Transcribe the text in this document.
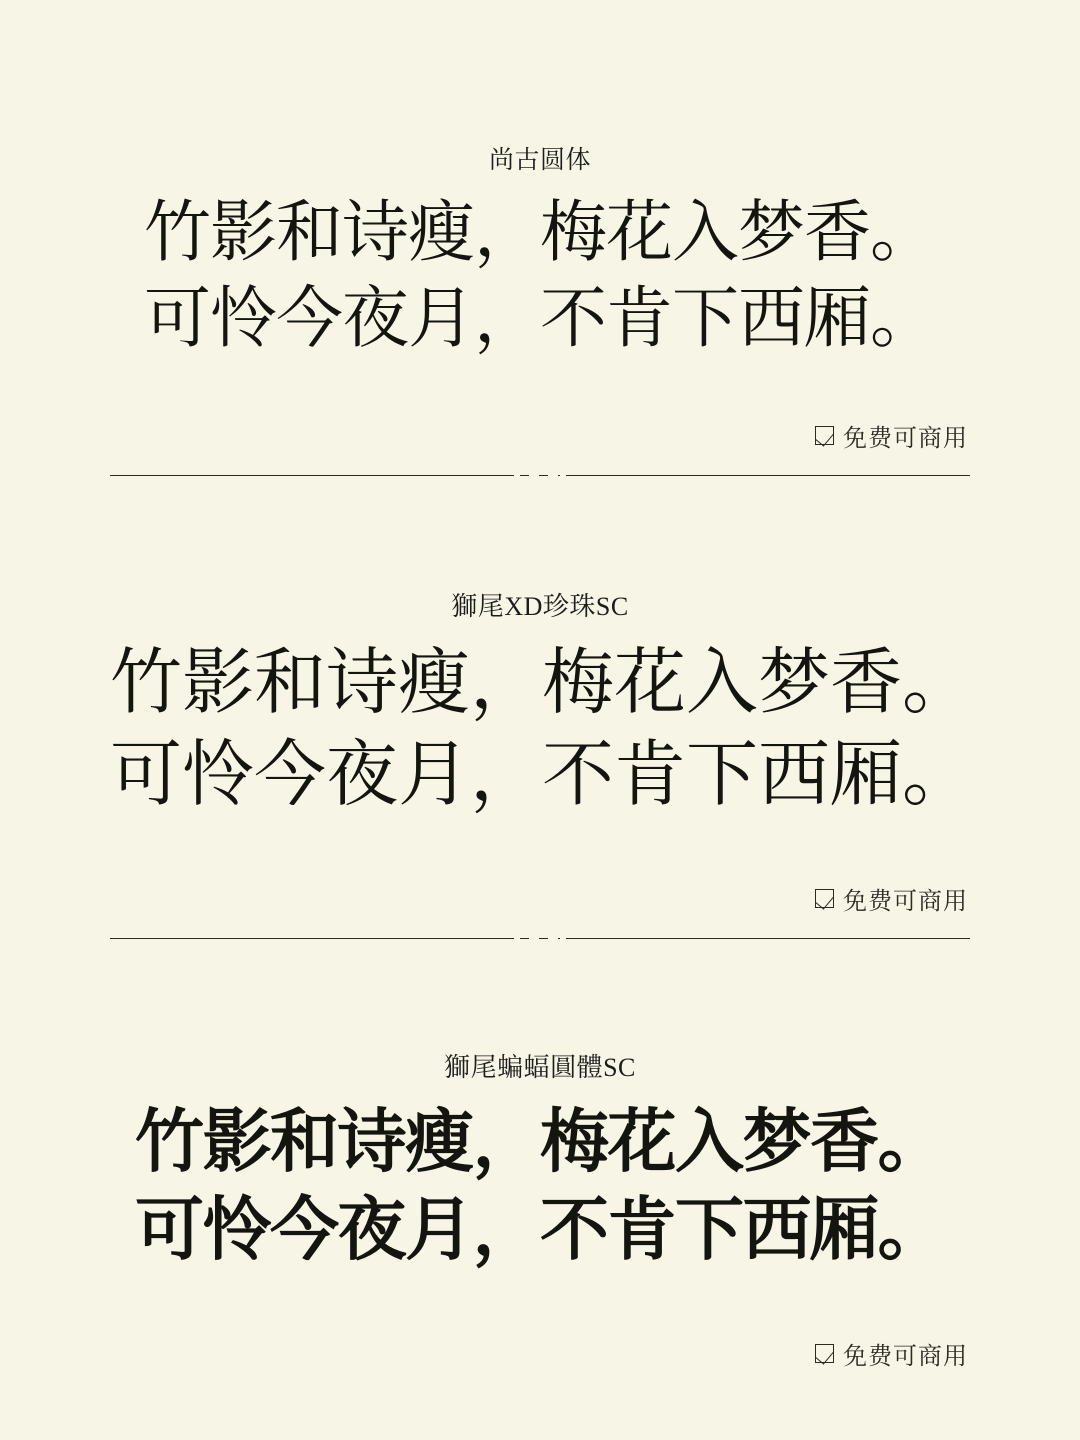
尚古圆体
竹影和诗瘦，梅花入梦香。
可怜今夜月，不肯下西厢。
免费可商用
獅尾XD珍珠SC
竹影和诗瘦，梅花入梦香。
可怜今夜月，不肯下西厢。
免费可商用
獅尾蝙蝠圓體SC
竹影和诗瘦，梅花入梦香。
可怜今夜月，不肯下西厢。
免费可商用
